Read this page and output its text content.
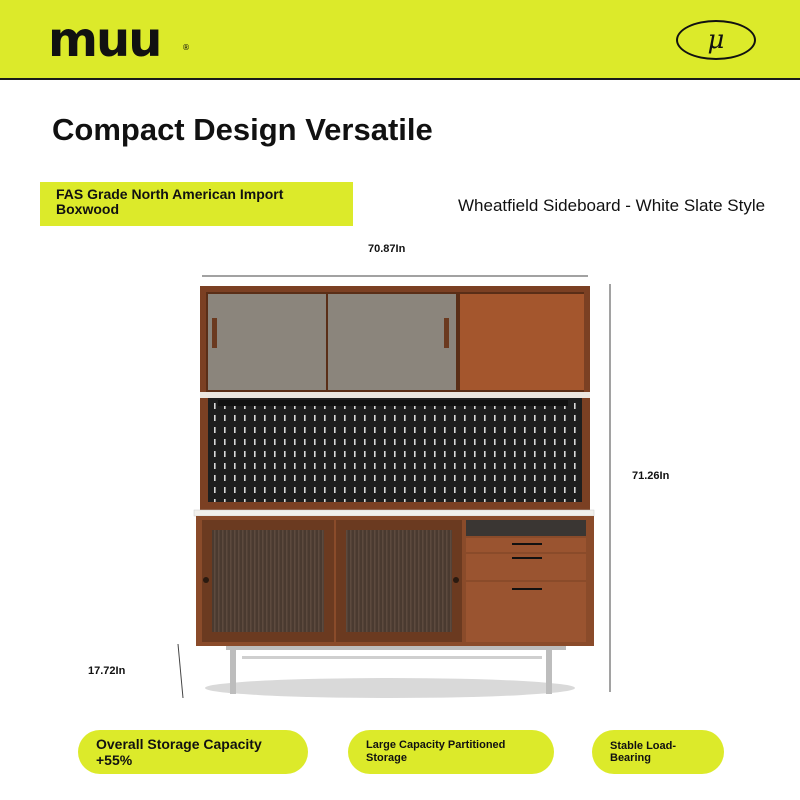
muu	®	μ
Compact Design Versatile
FAS Grade North American Import Boxwood	Wheatfield Sideboard - White Slate Style
70.87In
71.26In
17.72In
Overall Storage Capacity +55%
Large Capacity Partitioned Storage
Stable Load-Bearing
